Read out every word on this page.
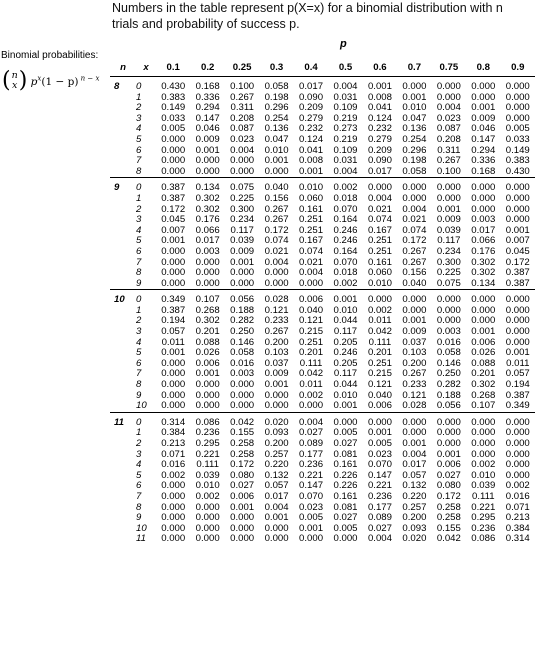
Numbers in the table represent p(X=x) for a binomial distribution with n trials and probability of success p.
p
Binomial probabilities:
(n
x) $p^x(1 - p)$ $^{n - x}$
n	x	0.1	0.2	0.25	0.3	0.4	0.5	0.6	0.7	0.75	0.8	0.9
8	0	0.430	0.168	0.100	0.058	0.017	0.004	0.001	0.000	0.000	0.000	0.000
	1	0.383	0.336	0.267	0.198	0.090	0.031	0.008	0.001	0.000	0.000	0.000
	2	0.149	0.294	0.311	0.296	0.209	0.109	0.041	0.010	0.004	0.001	0.000
	3	0.033	0.147	0.208	0.254	0.279	0.219	0.124	0.047	0.023	0.009	0.000
	4	0.005	0.046	0.087	0.136	0.232	0.273	0.232	0.136	0.087	0.046	0.005
	5	0.000	0.009	0.023	0.047	0.124	0.219	0.279	0.254	0.208	0.147	0.033
	6	0.000	0.001	0.004	0.010	0.041	0.109	0.209	0.296	0.311	0.294	0.149
	7	0.000	0.000	0.000	0.001	0.008	0.031	0.090	0.198	0.267	0.336	0.383
	8	0.000	0.000	0.000	0.000	0.001	0.004	0.017	0.058	0.100	0.168	0.430
9	0	0.387	0.134	0.075	0.040	0.010	0.002	0.000	0.000	0.000	0.000	0.000
	1	0.387	0.302	0.225	0.156	0.060	0.018	0.004	0.000	0.000	0.000	0.000
	2	0.172	0.302	0.300	0.267	0.161	0.070	0.021	0.004	0.001	0.000	0.000
	3	0.045	0.176	0.234	0.267	0.251	0.164	0.074	0.021	0.009	0.003	0.000
	4	0.007	0.066	0.117	0.172	0.251	0.246	0.167	0.074	0.039	0.017	0.001
	5	0.001	0.017	0.039	0.074	0.167	0.246	0.251	0.172	0.117	0.066	0.007
	6	0.000	0.003	0.009	0.021	0.074	0.164	0.251	0.267	0.234	0.176	0.045
	7	0.000	0.000	0.001	0.004	0.021	0.070	0.161	0.267	0.300	0.302	0.172
	8	0.000	0.000	0.000	0.000	0.004	0.018	0.060	0.156	0.225	0.302	0.387
	9	0.000	0.000	0.000	0.000	0.000	0.002	0.010	0.040	0.075	0.134	0.387
10	0	0.349	0.107	0.056	0.028	0.006	0.001	0.000	0.000	0.000	0.000	0.000
	1	0.387	0.268	0.188	0.121	0.040	0.010	0.002	0.000	0.000	0.000	0.000
	2	0.194	0.302	0.282	0.233	0.121	0.044	0.011	0.001	0.000	0.000	0.000
	3	0.057	0.201	0.250	0.267	0.215	0.117	0.042	0.009	0.003	0.001	0.000
	4	0.011	0.088	0.146	0.200	0.251	0.205	0.111	0.037	0.016	0.006	0.000
	5	0.001	0.026	0.058	0.103	0.201	0.246	0.201	0.103	0.058	0.026	0.001
	6	0.000	0.006	0.016	0.037	0.111	0.205	0.251	0.200	0.146	0.088	0.011
	7	0.000	0.001	0.003	0.009	0.042	0.117	0.215	0.267	0.250	0.201	0.057
	8	0.000	0.000	0.000	0.001	0.011	0.044	0.121	0.233	0.282	0.302	0.194
	9	0.000	0.000	0.000	0.000	0.002	0.010	0.040	0.121	0.188	0.268	0.387
	10	0.000	0.000	0.000	0.000	0.000	0.001	0.006	0.028	0.056	0.107	0.349
11	0	0.314	0.086	0.042	0.020	0.004	0.000	0.000	0.000	0.000	0.000	0.000
	1	0.384	0.236	0.155	0.093	0.027	0.005	0.001	0.000	0.000	0.000	0.000
	2	0.213	0.295	0.258	0.200	0.089	0.027	0.005	0.001	0.000	0.000	0.000
	3	0.071	0.221	0.258	0.257	0.177	0.081	0.023	0.004	0.001	0.000	0.000
	4	0.016	0.111	0.172	0.220	0.236	0.161	0.070	0.017	0.006	0.002	0.000
	5	0.002	0.039	0.080	0.132	0.221	0.226	0.147	0.057	0.027	0.010	0.000
	6	0.000	0.010	0.027	0.057	0.147	0.226	0.221	0.132	0.080	0.039	0.002
	7	0.000	0.002	0.006	0.017	0.070	0.161	0.236	0.220	0.172	0.111	0.016
	8	0.000	0.000	0.001	0.004	0.023	0.081	0.177	0.257	0.258	0.221	0.071
	9	0.000	0.000	0.000	0.001	0.005	0.027	0.089	0.200	0.258	0.295	0.213
	10	0.000	0.000	0.000	0.000	0.001	0.005	0.027	0.093	0.155	0.236	0.384
	11	0.000	0.000	0.000	0.000	0.000	0.000	0.004	0.020	0.042	0.086	0.314
